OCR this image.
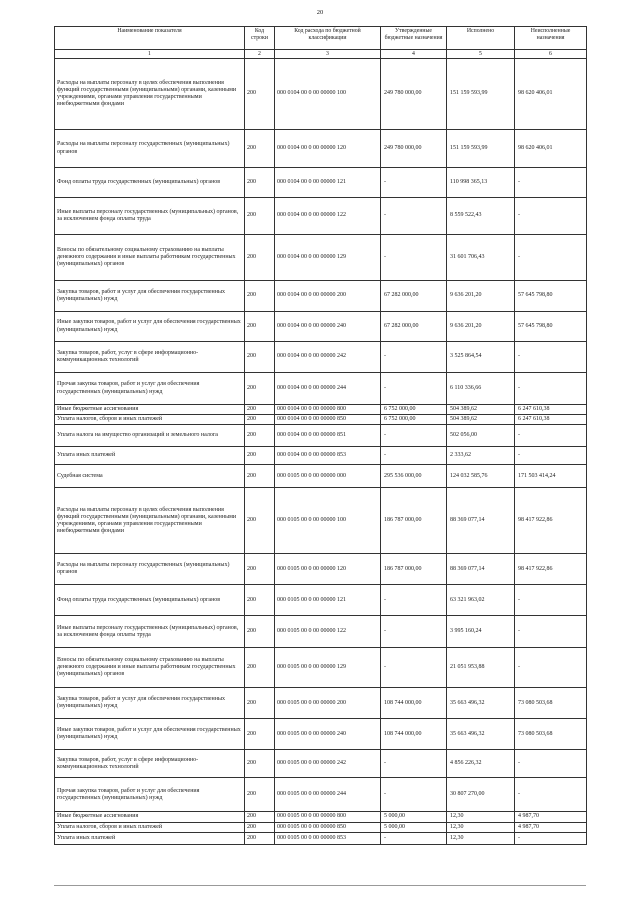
20
Наименование показателя	Код строки	Код расхода по бюджетной классификации	Утвержденные бюджетные назначения	Исполнено	Неисполненные назначения
1	2	3	4	5	6
Расходы на выплаты персоналу в целях обеспечения выполнения функций государственными (муниципальными) органами, казенными учреждениями, органами управления государственными внебюджетными фондами	200	000 0104 00 0 00 00000 100	249 780 000,00	151 159 593,99	98 620 406,01
Расходы на выплаты персоналу государственных (муниципальных) органов	200	000 0104 00 0 00 00000 120	249 780 000,00	151 159 593,99	98 620 406,01
Фонд оплаты труда государственных (муниципальных) органов	200	000 0104 00 0 00 00000 121	-	110 998 365,13	-
Иные выплаты персоналу государственных (муниципальных) органов, за исключением фонда оплаты труда	200	000 0104 00 0 00 00000 122	-	8 559 522,43	-
Взносы по обязательному социальному страхованию на выплаты денежного содержания и иные выплаты работникам государственных (муниципальных) органов	200	000 0104 00 0 00 00000 129	-	31 601 706,43	-
Закупка товаров, работ и услуг для обеспечения государственных (муниципальных) нужд	200	000 0104 00 0 00 00000 200	67 282 000,00	9 636 201,20	57 645 798,80
Иные закупки товаров, работ и услуг для обеспечения государственных (муниципальных) нужд	200	000 0104 00 0 00 00000 240	67 282 000,00	9 636 201,20	57 645 798,80
Закупка товаров, работ, услуг в сфере информационно-коммуникационных технологий	200	000 0104 00 0 00 00000 242	-	3 525 864,54	-
Прочая закупка товаров, работ и услуг для обеспечения государственных (муниципальных) нужд	200	000 0104 00 0 00 00000 244	-	6 110 336,66	-
Иные бюджетные ассигнования	200	000 0104 00 0 00 00000 800	6 752 000,00	504 389,62	6 247 610,38
Уплата налогов, сборов и иных платежей	200	000 0104 00 0 00 00000 850	6 752 000,00	504 389,62	6 247 610,38
Уплата налога на имущество организаций и земельного налога	200	000 0104 00 0 00 00000 851	-	502 056,00	-
Уплата иных платежей	200	000 0104 00 0 00 00000 853	-	2 333,62	-
Судебная система	200	000 0105 00 0 00 00000 000	295 536 000,00	124 032 585,76	171 503 414,24
Расходы на выплаты персоналу в целях обеспечения выполнения функций государственными (муниципальными) органами, казенными учреждениями, органами управления государственными внебюджетными фондами	200	000 0105 00 0 00 00000 100	186 787 000,00	88 369 077,14	98 417 922,86
Расходы на выплаты персоналу государственных (муниципальных) органов	200	000 0105 00 0 00 00000 120	186 787 000,00	88 369 077,14	98 417 922,86
Фонд оплаты труда государственных (муниципальных) органов	200	000 0105 00 0 00 00000 121	-	63 321 963,02	-
Иные выплаты персоналу государственных (муниципальных) органов, за исключением фонда оплаты труда	200	000 0105 00 0 00 00000 122	-	3 995 160,24	-
Взносы по обязательному социальному страхованию на выплаты денежного содержания и иные выплаты работникам государственных (муниципальных) органов	200	000 0105 00 0 00 00000 129	-	21 051 953,88	-
Закупка товаров, работ и услуг для обеспечения государственных (муниципальных) нужд	200	000 0105 00 0 00 00000 200	108 744 000,00	35 663 496,32	73 080 503,68
Иные закупки товаров, работ и услуг для обеспечения государственных (муниципальных) нужд	200	000 0105 00 0 00 00000 240	108 744 000,00	35 663 496,32	73 080 503,68
Закупка товаров, работ, услуг в сфере информационно-коммуникационных технологий	200	000 0105 00 0 00 00000 242	-	4 856 226,32	-
Прочая закупка товаров, работ и услуг для обеспечения государственных (муниципальных) нужд	200	000 0105 00 0 00 00000 244	-	30 807 270,00	-
Иные бюджетные ассигнования	200	000 0105 00 0 00 00000 800	5 000,00	12,30	4 987,70
Уплата налогов, сборов и иных платежей	200	000 0105 00 0 00 00000 850	5 000,00	12,30	4 987,70
Уплата иных платежей	200	000 0105 00 0 00 00000 853	-	12,30	-
